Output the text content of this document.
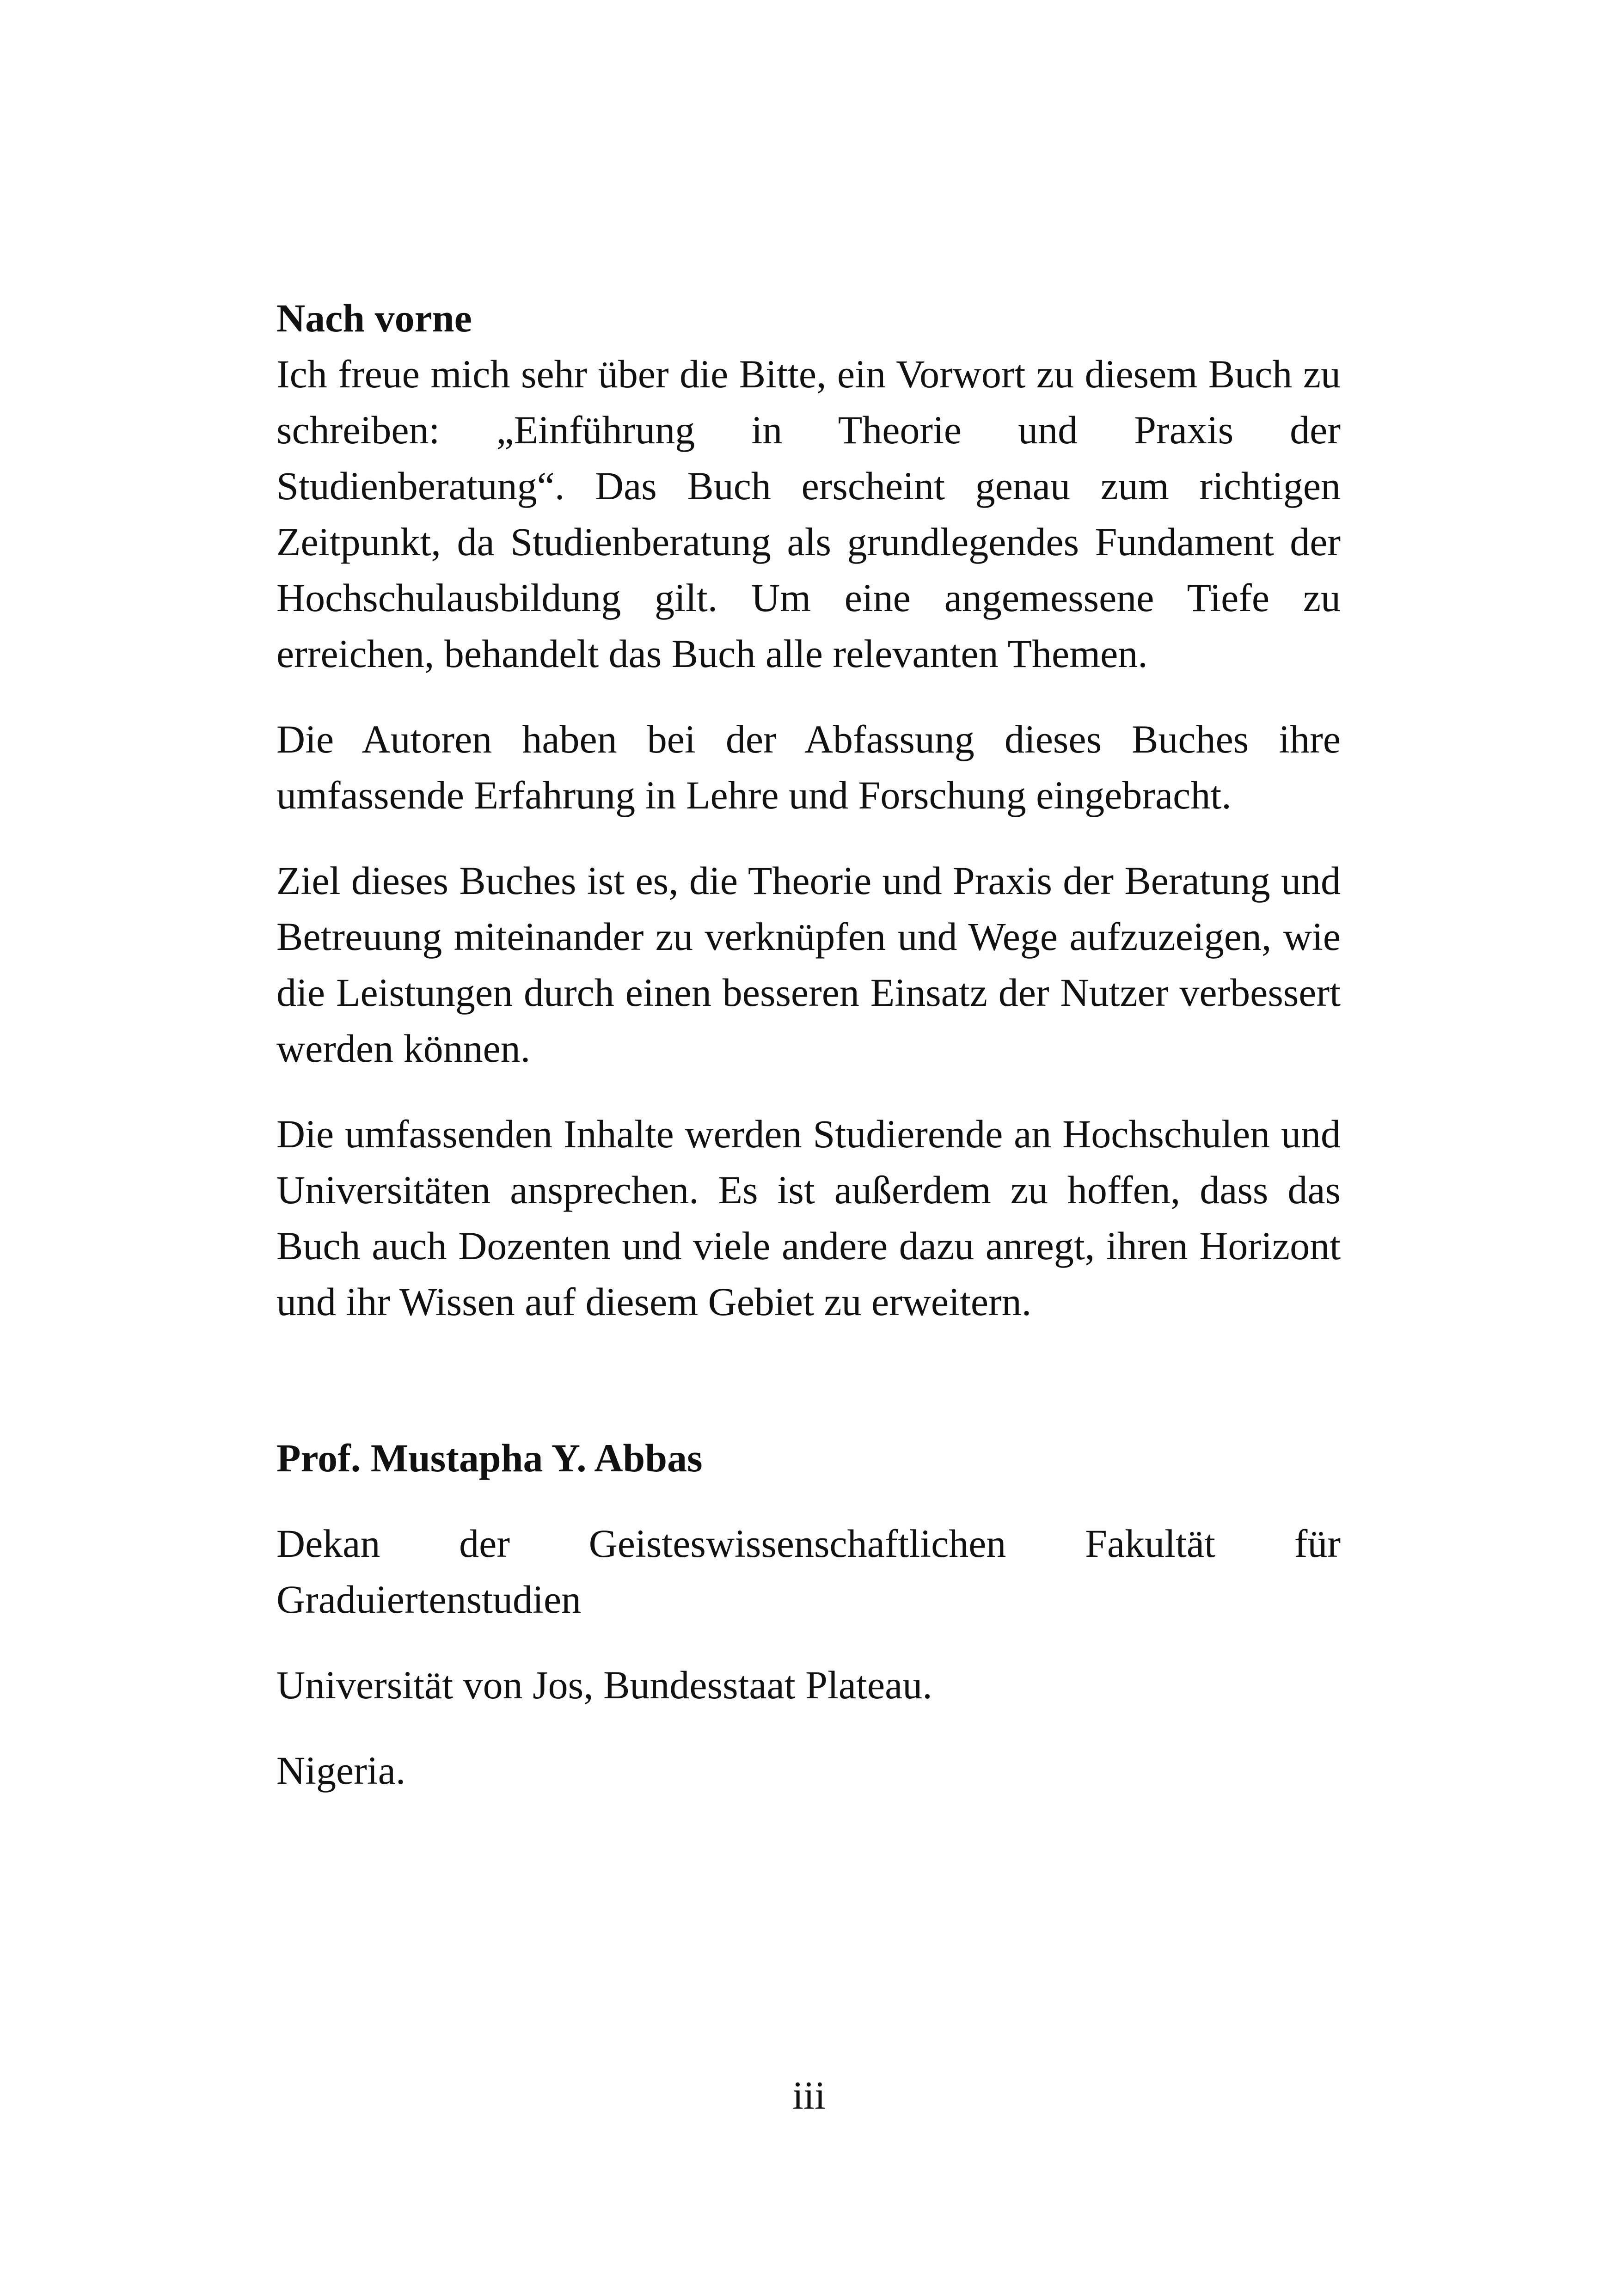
Nach vorne

Ich freue mich sehr über die Bitte, ein Vorwort zu diesem Buch zu schreiben: „Einführung in Theorie und Praxis der Studienberatung“. Das Buch erscheint genau zum richtigen Zeitpunkt, da Studienberatung als grundlegendes Fundament der Hochschulausbildung gilt. Um eine angemessene Tiefe zu erreichen, behandelt das Buch alle relevanten Themen.

Die Autoren haben bei der Abfassung dieses Buches ihre umfassende Erfahrung in Lehre und Forschung eingebracht.

Ziel dieses Buches ist es, die Theorie und Praxis der Beratung und Betreuung miteinander zu verknüpfen und Wege aufzuzeigen, wie die Leistungen durch einen besseren Einsatz der Nutzer verbessert werden können.

Die umfassenden Inhalte werden Studierende an Hochschulen und Universitäten ansprechen. Es ist außerdem zu hoffen, dass das Buch auch Dozenten und viele andere dazu anregt, ihren Horizont und ihr Wissen auf diesem Gebiet zu erweitern.

Prof. Mustapha Y. Abbas

Dekan der Geisteswissenschaftlichen Fakultät für
Graduiertenstudien

Universität von Jos, Bundesstaat Plateau.

Nigeria.

iii
